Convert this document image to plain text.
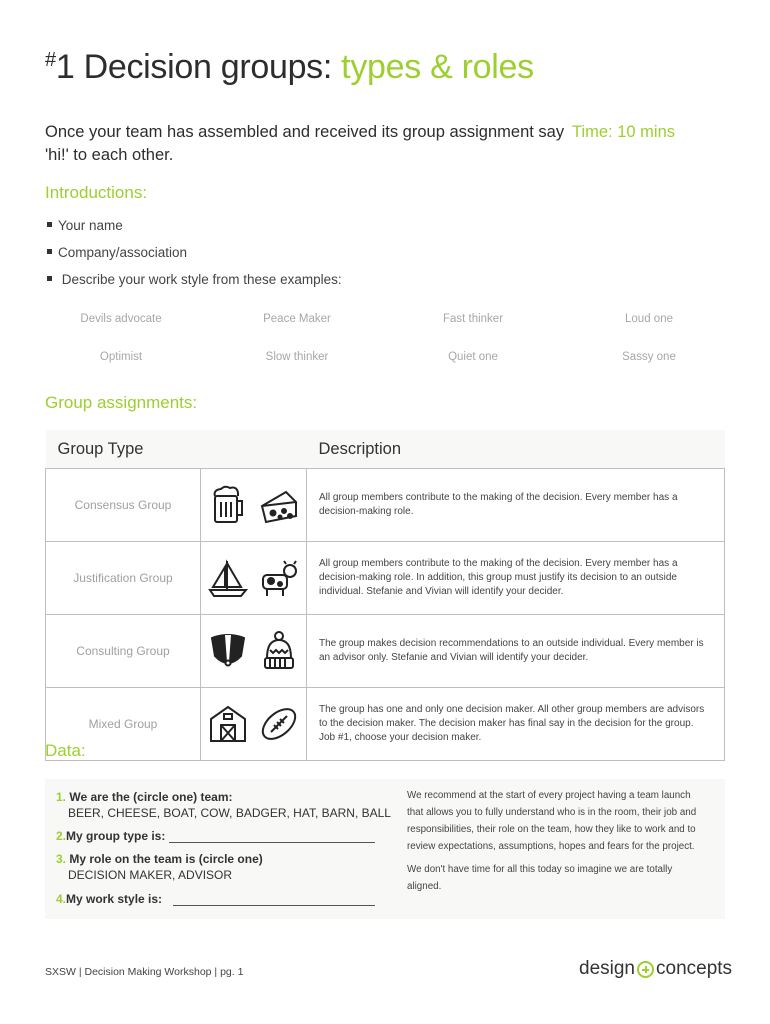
#1 Decision groups: types & roles
Once your team has assembled and received its group assignment say 'hi!' to each other.
Time: 10 mins
Introductions:
Your name
Company/association
Describe your work style from these examples:
Devils advocate	Peace Maker	Fast thinker	Loud one
Optimist	Slow thinker	Quiet one	Sassy one
Group assignments:
Group Type		Description
Consensus Group		All group members contribute to the making of the decision. Every member has a decision-making role.
Justification Group		All group members contribute to the making of the decision. Every member has a decision-making role. In addition, this group must justify its decision to an outside individual. Stefanie and Vivian will identify your decider.
Consulting Group		The group makes decision recommendations to an outside individual. Every member is an advisor only. Stefanie and Vivian will identify your decider.
Mixed Group		The group has one and only one decision maker. All other group members are advisors to the decision maker. The decision maker has final say in the decision for the group. Job #1, choose your decision maker.
Data:
1. We are the (circle one) team:
BEER, CHEESE, BOAT, COW, BADGER, HAT, BARN, BALL
2.My group type is:
3. My role on the team is (circle one)
DECISION MAKER, ADVISOR
4.My work style is:
We recommend at the start of every project having a team launch that allows you to fully understand who is in the room, their job and responsibilities, their role on the team, how they like to work and to review expectations, assumptions, hopes and fears for the project.
We don't have time for all this today so imagine we are totally aligned.
SXSW | Decision Making Workshop | pg. 1	design concepts
